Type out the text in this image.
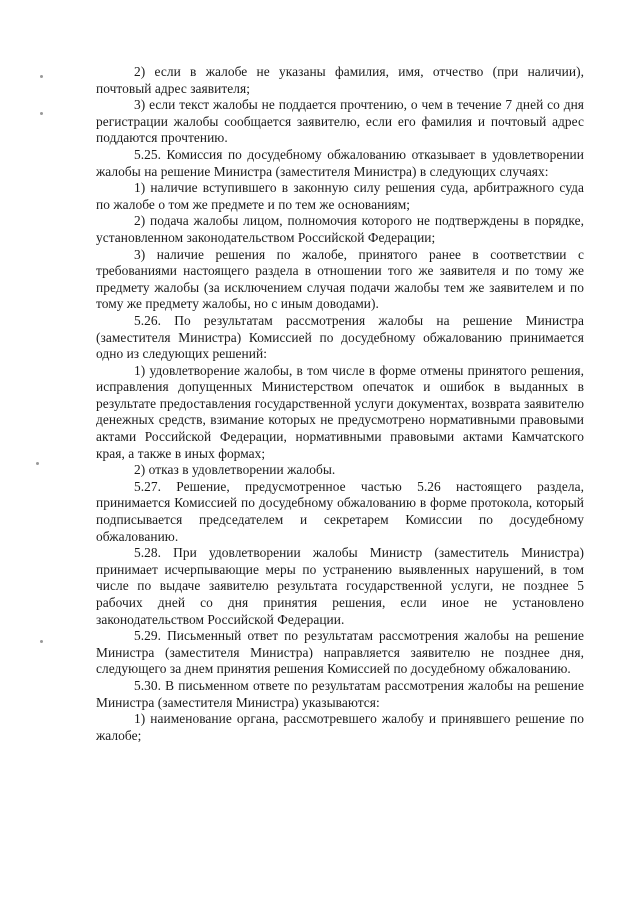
2) если в жалобе не указаны фамилия, имя, отчество (при наличии), почтовый адрес заявителя;

3) если текст жалобы не поддается прочтению, о чем в течение 7 дней со дня регистрации жалобы сообщается заявителю, если его фамилия и почтовый адрес поддаются прочтению.

5.25. Комиссия по досудебному обжалованию отказывает в удовлетворении жалобы на решение Министра (заместителя Министра) в следующих случаях:

1) наличие вступившего в законную силу решения суда, арбитражного суда по жалобе о том же предмете и по тем же основаниям;

2) подача жалобы лицом, полномочия которого не подтверждены в порядке, установленном законодательством Российской Федерации;

3) наличие решения по жалобе, принятого ранее в соответствии с требованиями настоящего раздела в отношении того же заявителя и по тому же предмету жалобы (за исключением случая подачи жалобы тем же заявителем и по тому же предмету жалобы, но с иным доводами).

5.26. По результатам рассмотрения жалобы на решение Министра (заместителя Министра) Комиссией по досудебному обжалованию принимается одно из следующих решений:

1) удовлетворение жалобы, в том числе в форме отмены принятого решения, исправления допущенных Министерством опечаток и ошибок в выданных в результате предоставления государственной услуги документах, возврата заявителю денежных средств, взимание которых не предусмотрено нормативными правовыми актами Российской Федерации, нормативными правовыми актами Камчатского края, а также в иных формах;

2) отказ в удовлетворении жалобы.

5.27. Решение, предусмотренное частью 5.26 настоящего раздела, принимается Комиссией по досудебному обжалованию в форме протокола, который подписывается председателем и секретарем Комиссии по досудебному обжалованию.

5.28. При удовлетворении жалобы Министр (заместитель Министра) принимает исчерпывающие меры по устранению выявленных нарушений, в том числе по выдаче заявителю результата государственной услуги, не позднее 5 рабочих дней со дня принятия решения, если иное не установлено законодательством Российской Федерации.

5.29. Письменный ответ по результатам рассмотрения жалобы на решение Министра (заместителя Министра) направляется заявителю не позднее дня, следующего за днем принятия решения Комиссией по досудебному обжалованию.

5.30. В письменном ответе по результатам рассмотрения жалобы на решение Министра (заместителя Министра) указываются:

1) наименование органа, рассмотревшего жалобу и принявшего решение по жалобе;
